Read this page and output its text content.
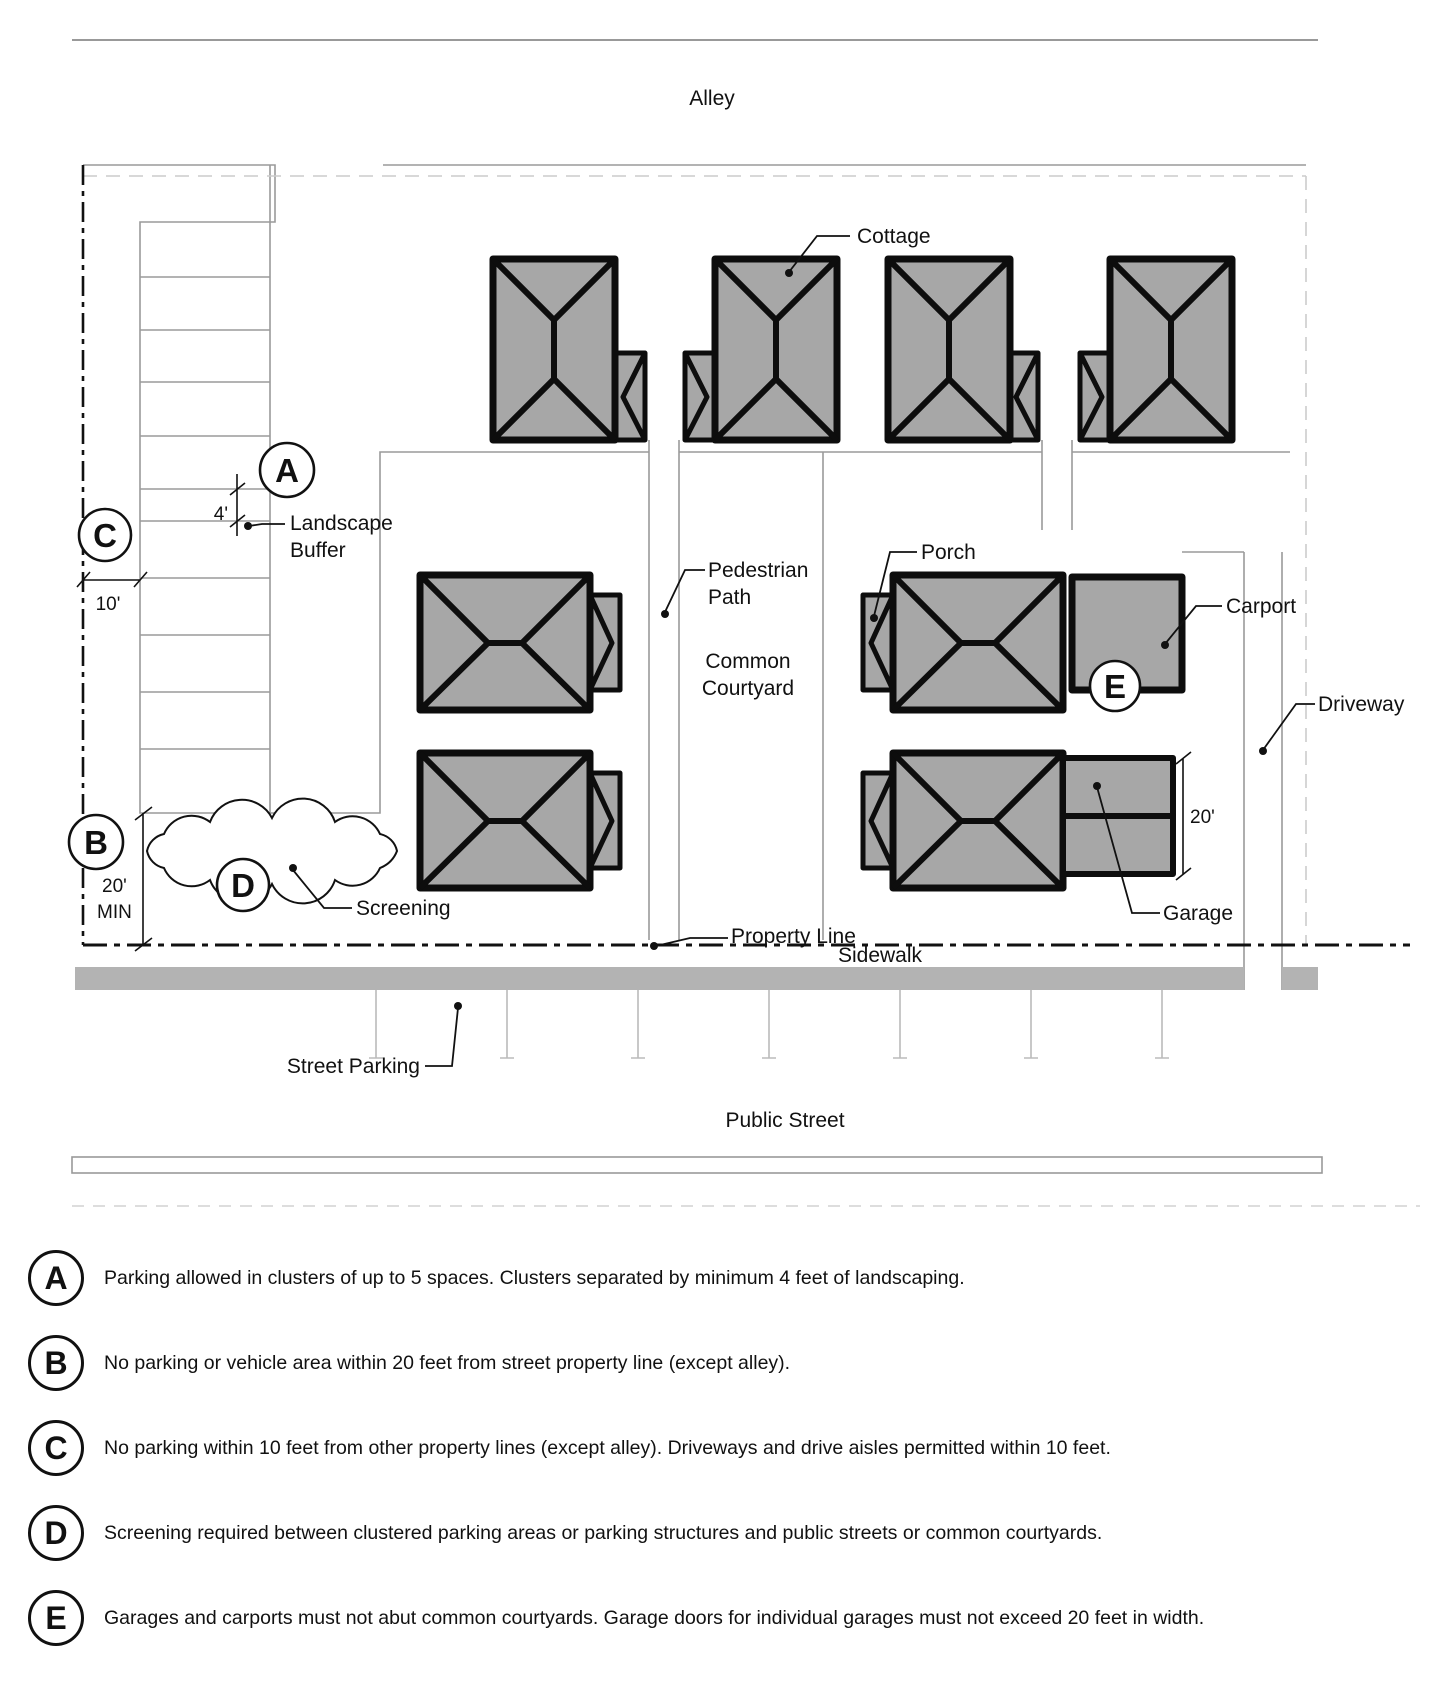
Alley
4'
10'
20'
MIN
20'
Cottage
Porch
Carport
Driveway
Garage
Pedestrian
Path
Common
Courtyard
Landscape
Buffer
Screening
Property Line
Sidewalk
Street Parking
Public Street
A
C
B
D
E
A Parking allowed in clusters of up to 5 spaces. Clusters separated by minimum 4 feet of landscaping.
B No parking or vehicle area within 20 feet from street property line (except alley).
C No parking within 10 feet from other property lines (except alley). Driveways and drive aisles permitted within 10 feet.
D Screening required between clustered parking areas or parking structures and public streets or common courtyards.
E Garages and carports must not abut common courtyards. Garage doors for individual garages must not exceed 20 feet in width.
